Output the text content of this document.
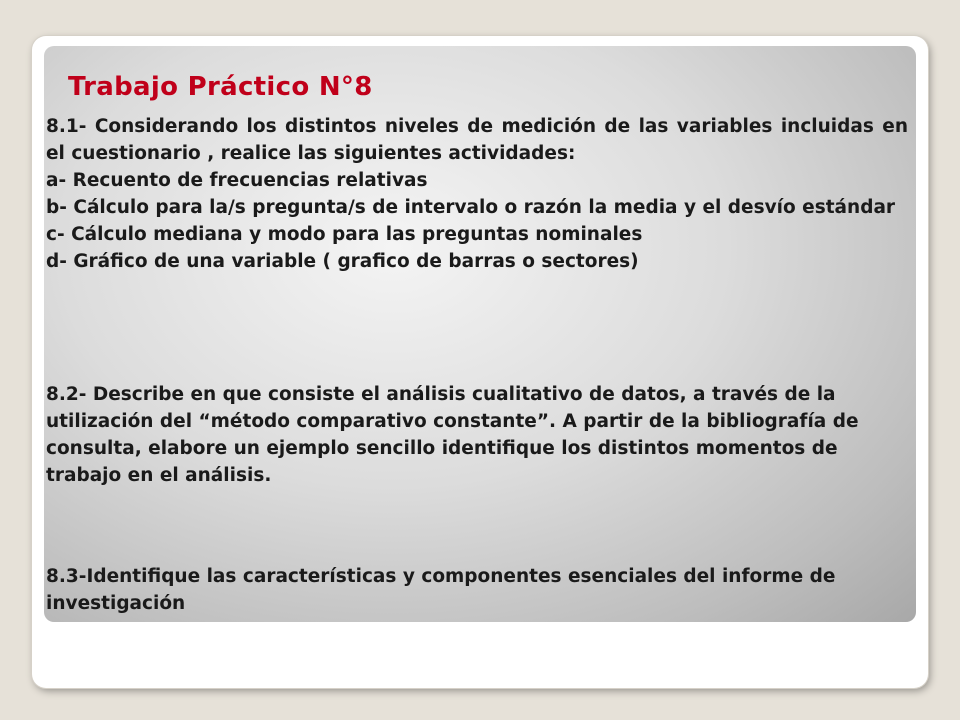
Trabajo Práctico N°8

8.1- Considerando los distintos niveles de medición de las variables incluidas en el cuestionario , realice las siguientes actividades:

a- Recuento de frecuencias relativas

b- Cálculo para la/s pregunta/s de intervalo o razón la media y el desvío estándar

c- Cálculo mediana y modo para las preguntas nominales

d- Gráfico de una variable ( grafico de barras o sectores)

8.2- Describe en que consiste el análisis cualitativo de datos, a través de la utilización del “método comparativo constante”. A partir de la bibliografía de consulta, elabore un ejemplo sencillo identifique los distintos momentos de trabajo en el análisis.

8.3-Identifique las características y componentes esenciales del informe de investigación
